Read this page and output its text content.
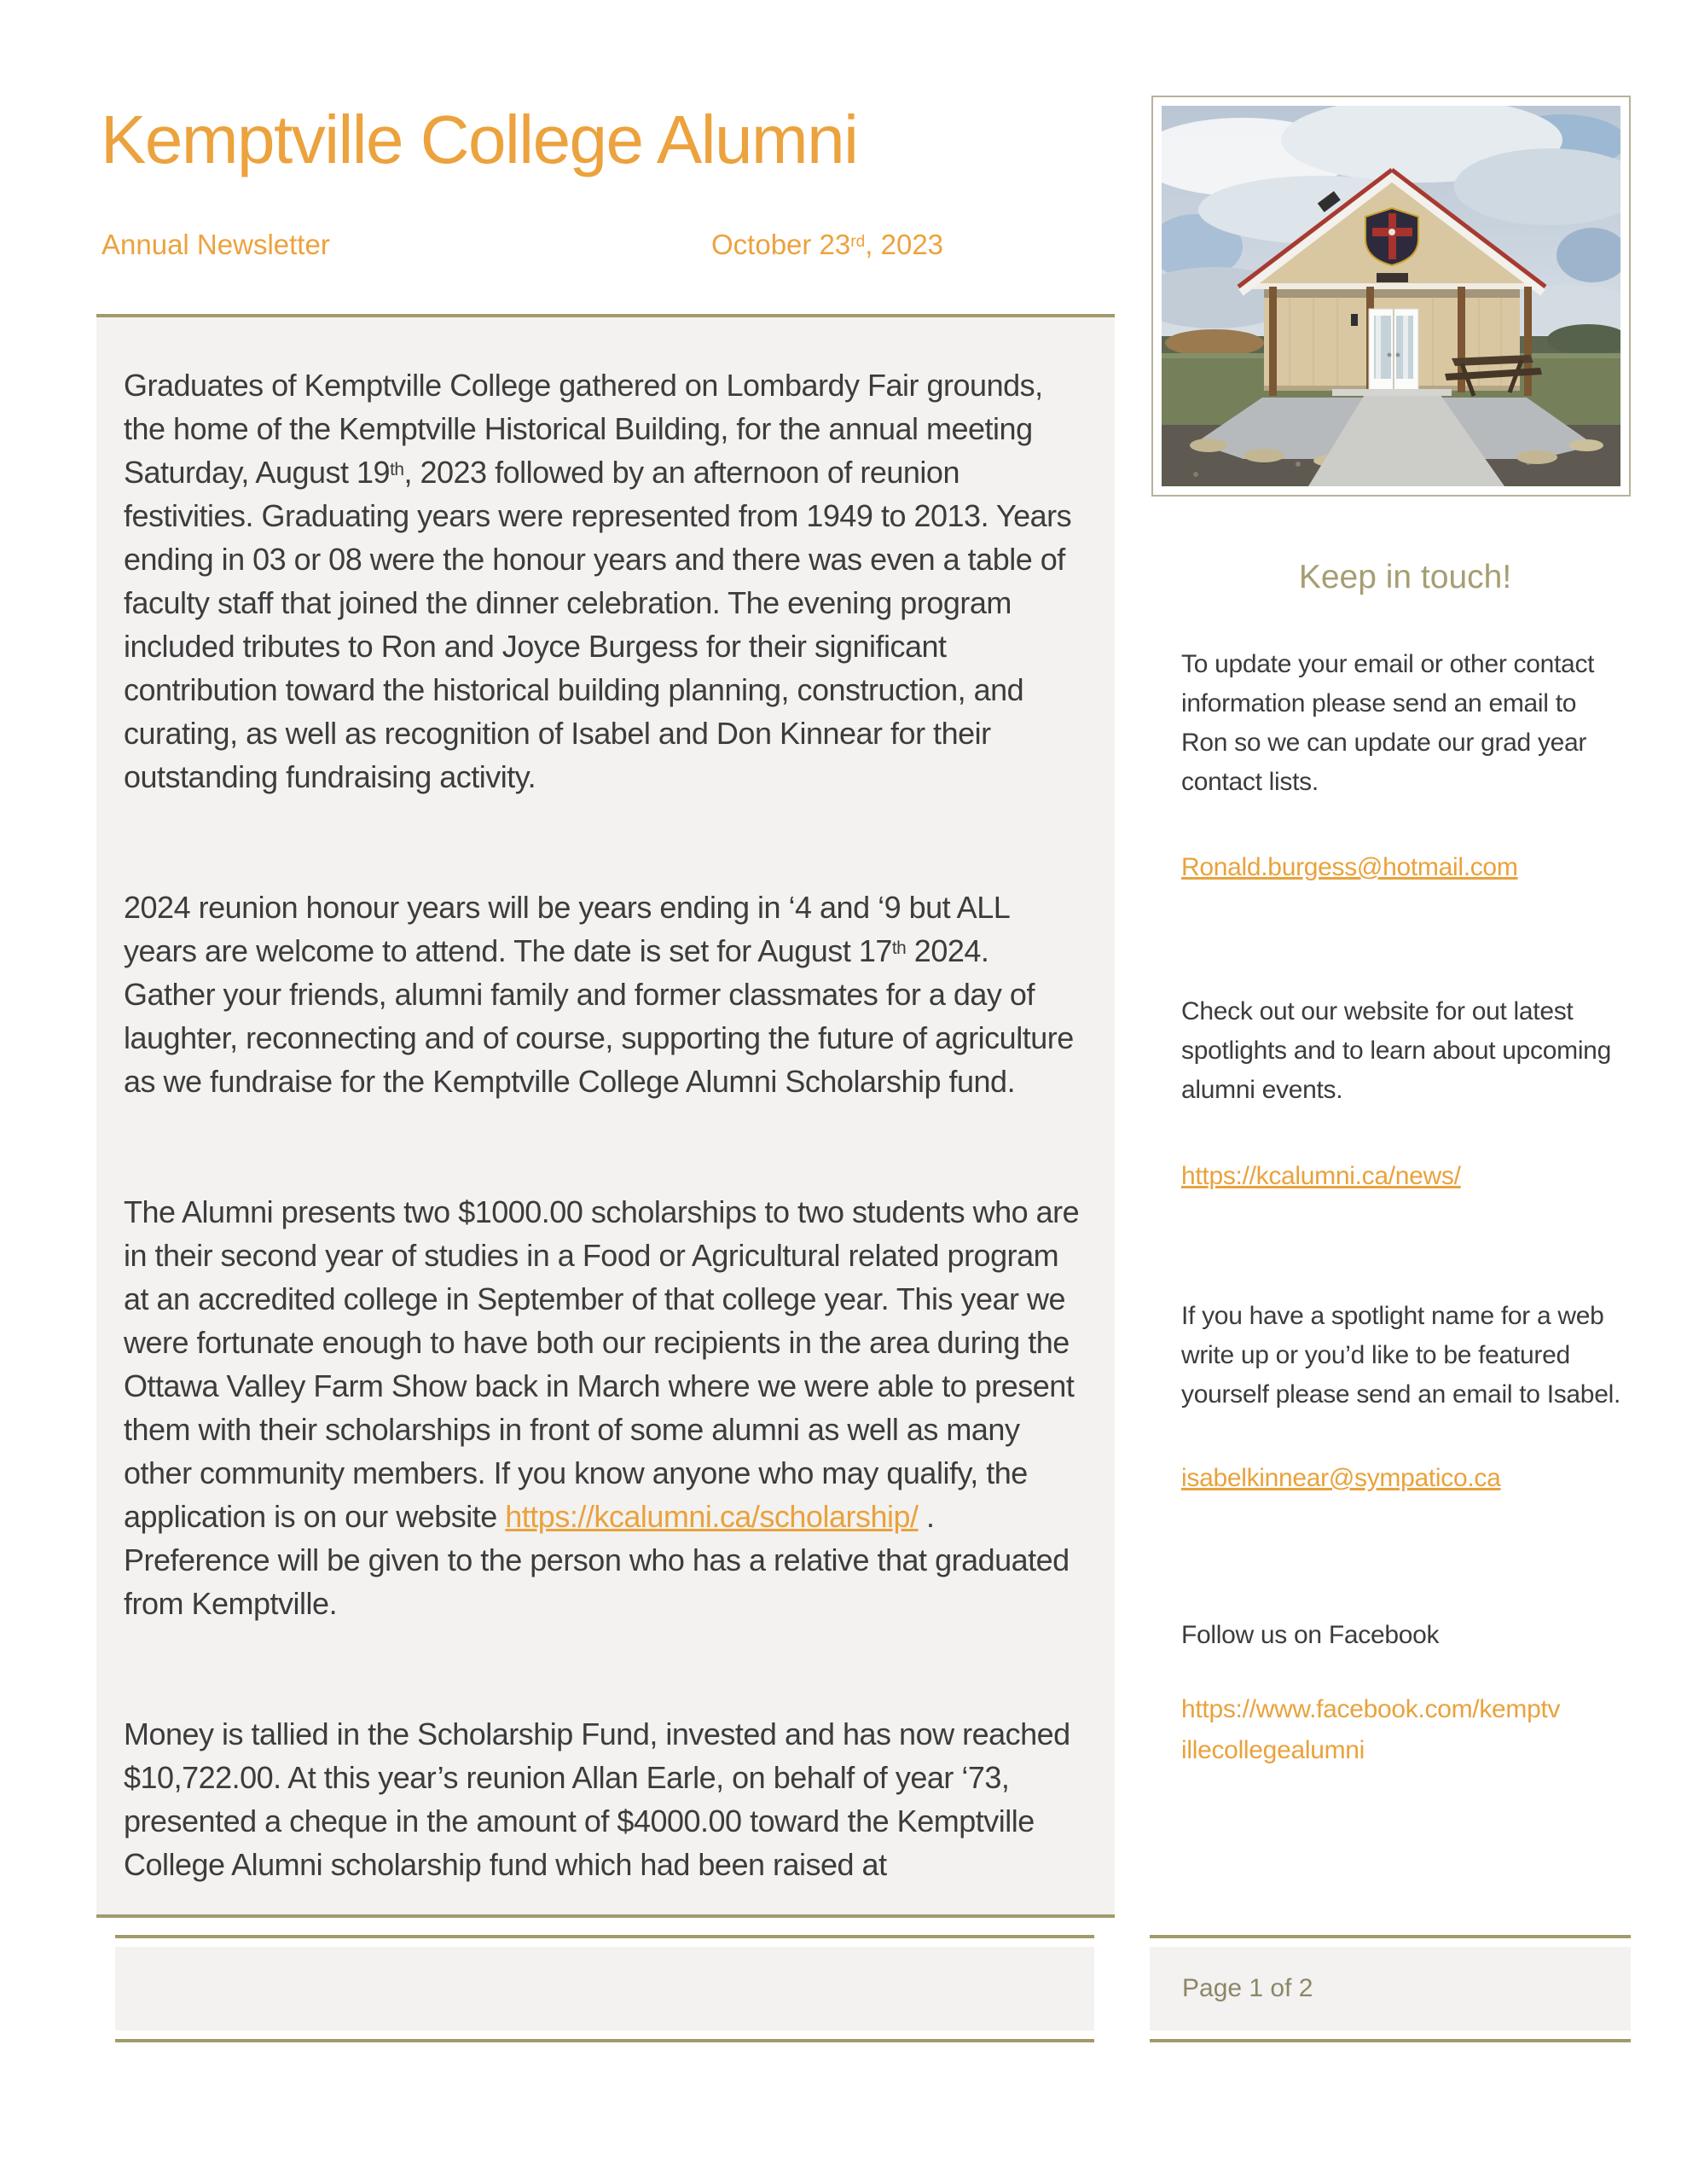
Kemptville College Alumni
Annual Newsletter	October 23rd, 2023

Graduates of Kemptville College gathered on Lombardy Fair grounds, the home of the Kemptville Historical Building, for the annual meeting Saturday, August 19th, 2023 followed by an afternoon of reunion festivities. Graduating years were represented from 1949 to 2013. Years ending in 03 or 08 were the honour years and there was even a table of faculty staff that joined the dinner celebration. The evening program included tributes to Ron and Joyce Burgess for their significant contribution toward the historical building planning, construction, and curating, as well as recognition of Isabel and Don Kinnear for their outstanding fundraising activity.

2024 reunion honour years will be years ending in ‘4 and ‘9 but ALL years are welcome to attend. The date is set for August 17th 2024. Gather your friends, alumni family and former classmates for a day of laughter, reconnecting and of course, supporting the future of agriculture as we fundraise for the Kemptville College Alumni Scholarship fund.

The Alumni presents two $1000.00 scholarships to two students who are in their second year of studies in a Food or Agricultural related program at an accredited college in September of that college year. This year we were fortunate enough to have both our recipients in the area during the Ottawa Valley Farm Show back in March where we were able to present them with their scholarships in front of some alumni as well as many other community members. If you know anyone who may qualify, the application is on our website https://kcalumni.ca/scholarship/ . Preference will be given to the person who has a relative that graduated from Kemptville.

Money is tallied in the Scholarship Fund, invested and has now reached $10,722.00. At this year’s reunion Allan Earle, on behalf of year ‘73, presented a cheque in the amount of $4000.00 toward the Kemptville College Alumni scholarship fund which had been raised at

Keep in touch!

To update your email or other contact information please send an email to Ron so we can update our grad year contact lists.

Ronald.burgess@hotmail.com

Check out our website for out latest spotlights and to learn about upcoming alumni events.

https://kcalumni.ca/news/

If you have a spotlight name for a web write up or you’d like to be featured yourself please send an email to Isabel.

isabelkinnear@sympatico.ca

Follow us on Facebook

https://www.facebook.com/kemptvillecollegealumni
Page 1 of 2
